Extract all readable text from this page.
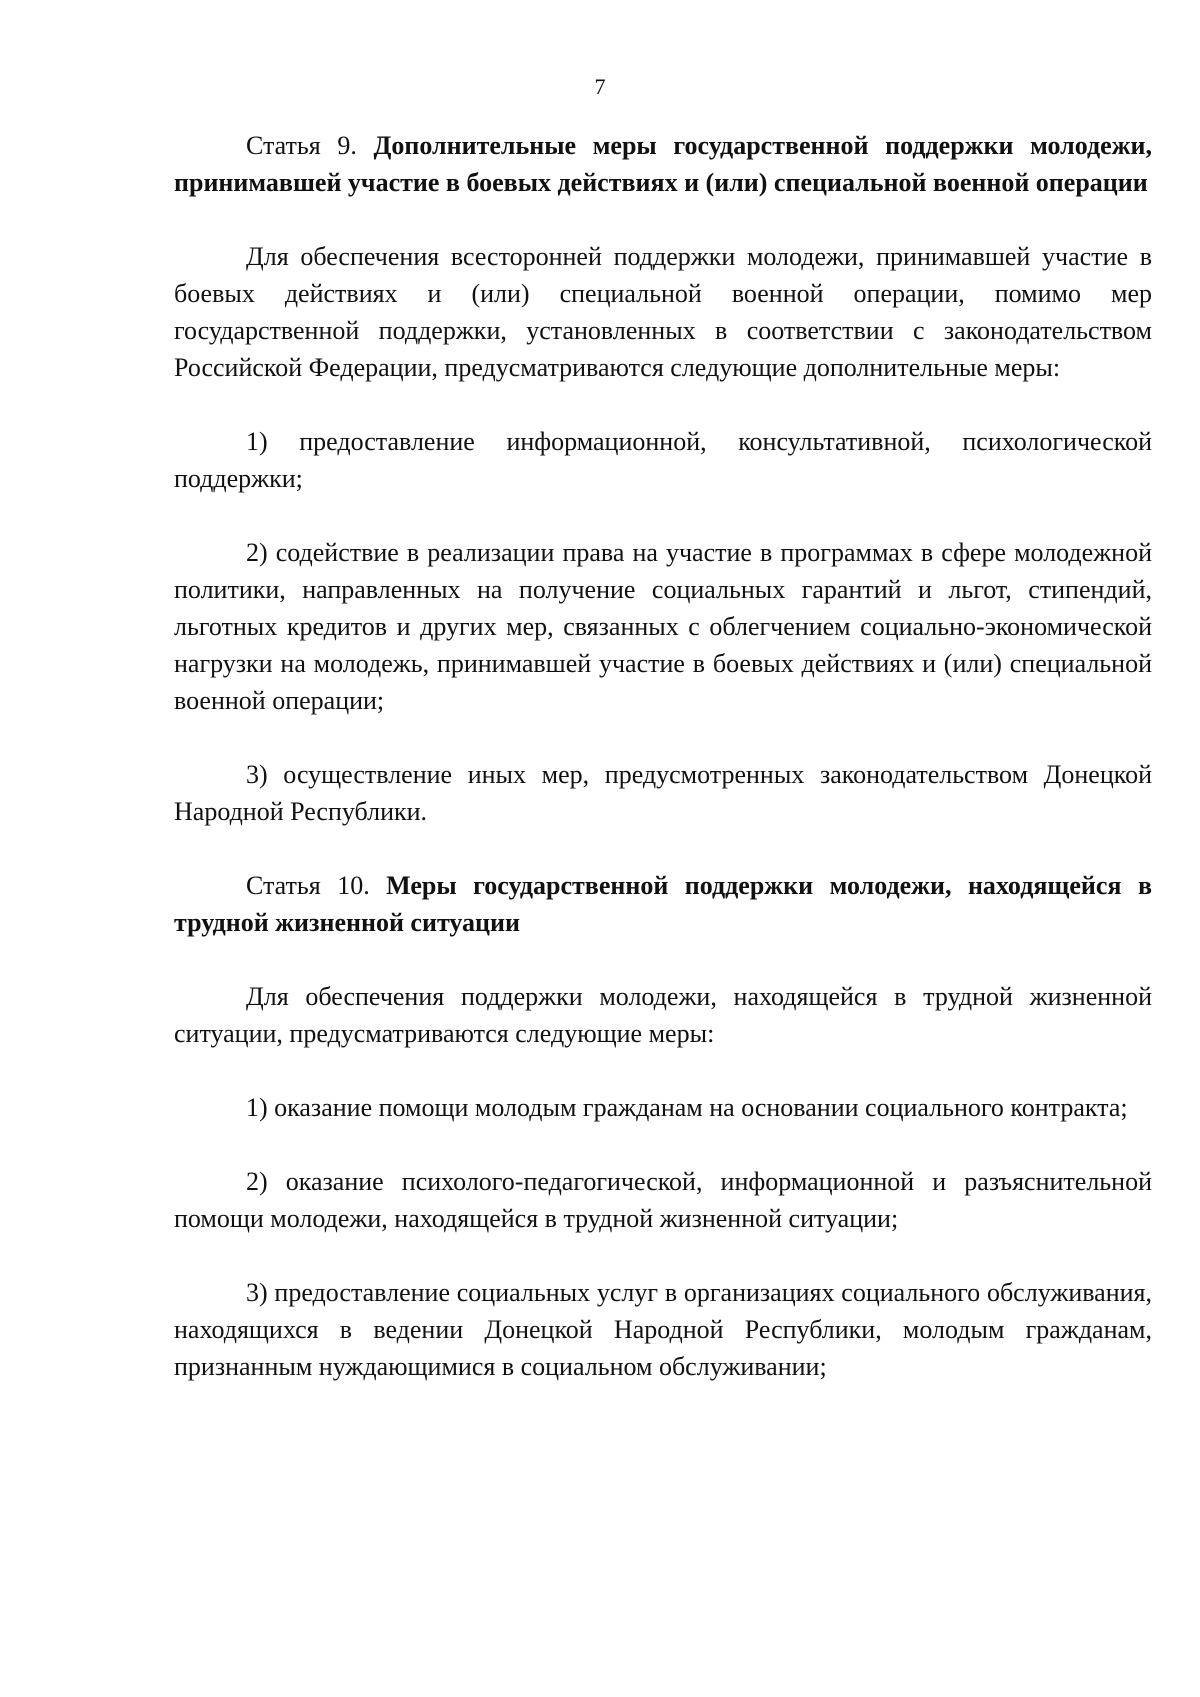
7

Статья 9. Дополнительные меры государственной поддержки молодежи, принимавшей участие в боевых действиях и (или) специальной военной операции

Для обеспечения всесторонней поддержки молодежи, принимавшей участие в боевых действиях и (или) специальной военной операции, помимо мер государственной поддержки, установленных в соответствии с законодательством Российской Федерации, предусматриваются следующие дополнительные меры:

1) предоставление информационной, консультативной, психологической поддержки;

2) содействие в реализации права на участие в программах в сфере молодежной политики, направленных на получение социальных гарантий и льгот, стипендий, льготных кредитов и других мер, связанных с облегчением социально-экономической нагрузки на молодежь, принимавшей участие в боевых действиях и (или) специальной военной операции;

3) осуществление иных мер, предусмотренных законодательством Донецкой Народной Республики.

Статья 10. Меры государственной поддержки молодежи, находящейся в трудной жизненной ситуации

Для обеспечения поддержки молодежи, находящейся в трудной жизненной ситуации, предусматриваются следующие меры:

1) оказание помощи молодым гражданам на основании социального контракта;

2) оказание психолого-педагогической, информационной и разъяснительной помощи молодежи, находящейся в трудной жизненной ситуации;

3) предоставление социальных услуг в организациях социального обслуживания, находящихся в ведении Донецкой Народной Республики, молодым гражданам, признанным нуждающимися в социальном обслуживании;
